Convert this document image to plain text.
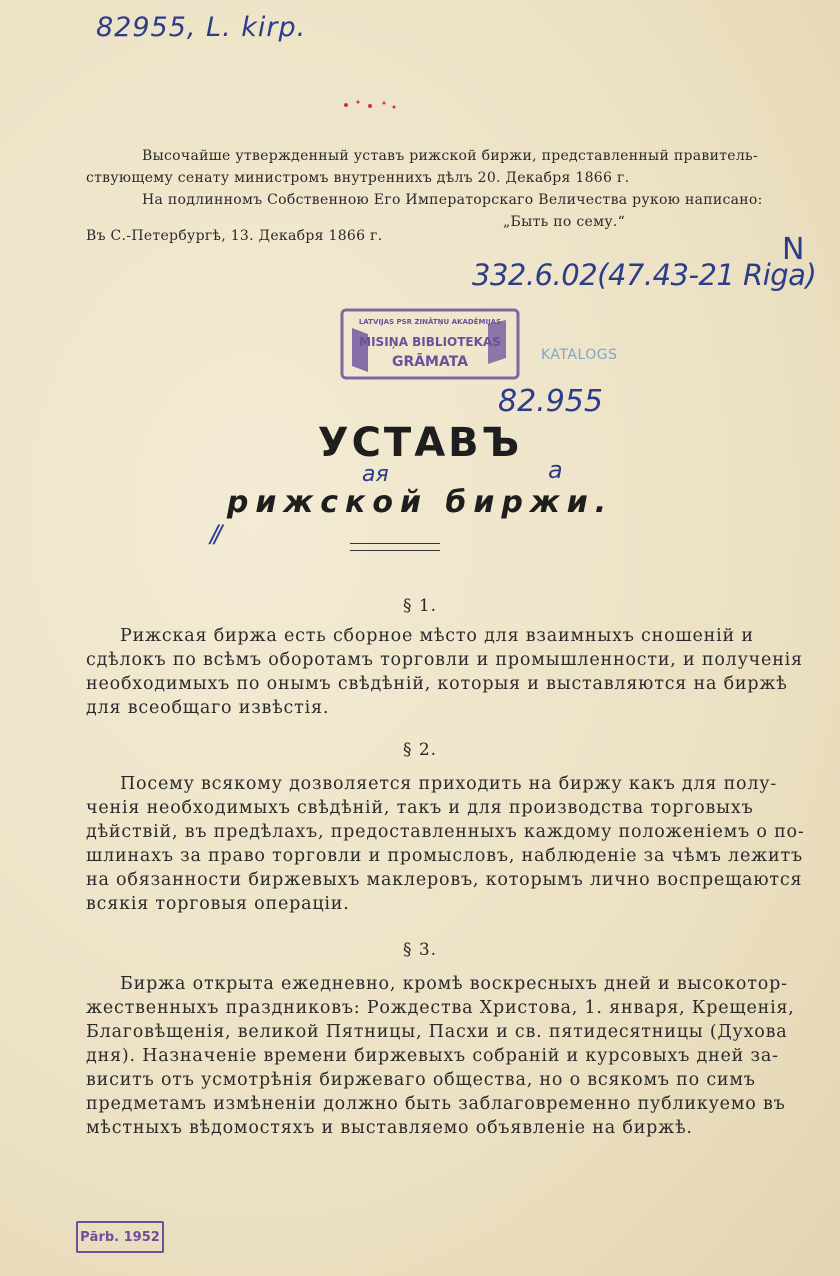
82955, L. kirp.
Высочайше утвержденный уставъ рижской биржи, представленный правитель-
ствующему сенату министромъ внутреннихъ дѣлъ 20. Декабря 1866 г.
На подлинномъ Собственною Его Императорскаго Величества рукою написано:
„Быть по сему.“
Въ С.-Петербургѣ, 13. Декабря 1866 г.
332.6.02(47.43-21 Riga)
N
LATVIJAS PSR ZINĀTŅU AKADĒMIJAS
MISIŅA BIBLIOTEKAS
GRĀMATA	KATALOGS
82.955
УСТАВЪ
ая	а
рижской биржи.
//
§ 1.

Рижская биржа есть сборное мѣсто для взаимныхъ сношеній и

сдѣлокъ по всѣмъ оборотамъ торговли и промышленности, и полученія

необходимыхъ по онымъ свѣдѣній, которыя и выставляются на биржѣ

для всеобщаго извѣстія.

§ 2.

Посему всякому дозволяется приходить на биржу какъ для полу-

ченія необходимыхъ свѣдѣній, такъ и для производства торговыхъ

дѣйствій, въ предѣлахъ, предоставленныхъ каждому положеніемъ о по-

шлинахъ за право торговли и промысловъ, наблюденіе за чѣмъ лежитъ

на обязанности биржевыхъ маклеровъ, которымъ лично воспрещаются

всякія торговыя операціи.

§ 3.

Биржа открыта ежедневно, кромѣ воскресныхъ дней и высокотор-

жественныхъ праздниковъ: Рождества Христова, 1. января, Крещенія,

Благовѣщенія, великой Пятницы, Пасхи и св. пятидесятницы (Духова

дня). Назначеніе времени биржевыхъ собраній и курсовыхъ дней за-

виситъ отъ усмотрѣнія биржеваго общества, но о всякомъ по симъ

предметамъ измѣненіи должно быть заблаговременно публикуемо въ

мѣстныхъ вѣдомостяхъ и выставляемо объявленіе на биржѣ.

Pārb. 1952
